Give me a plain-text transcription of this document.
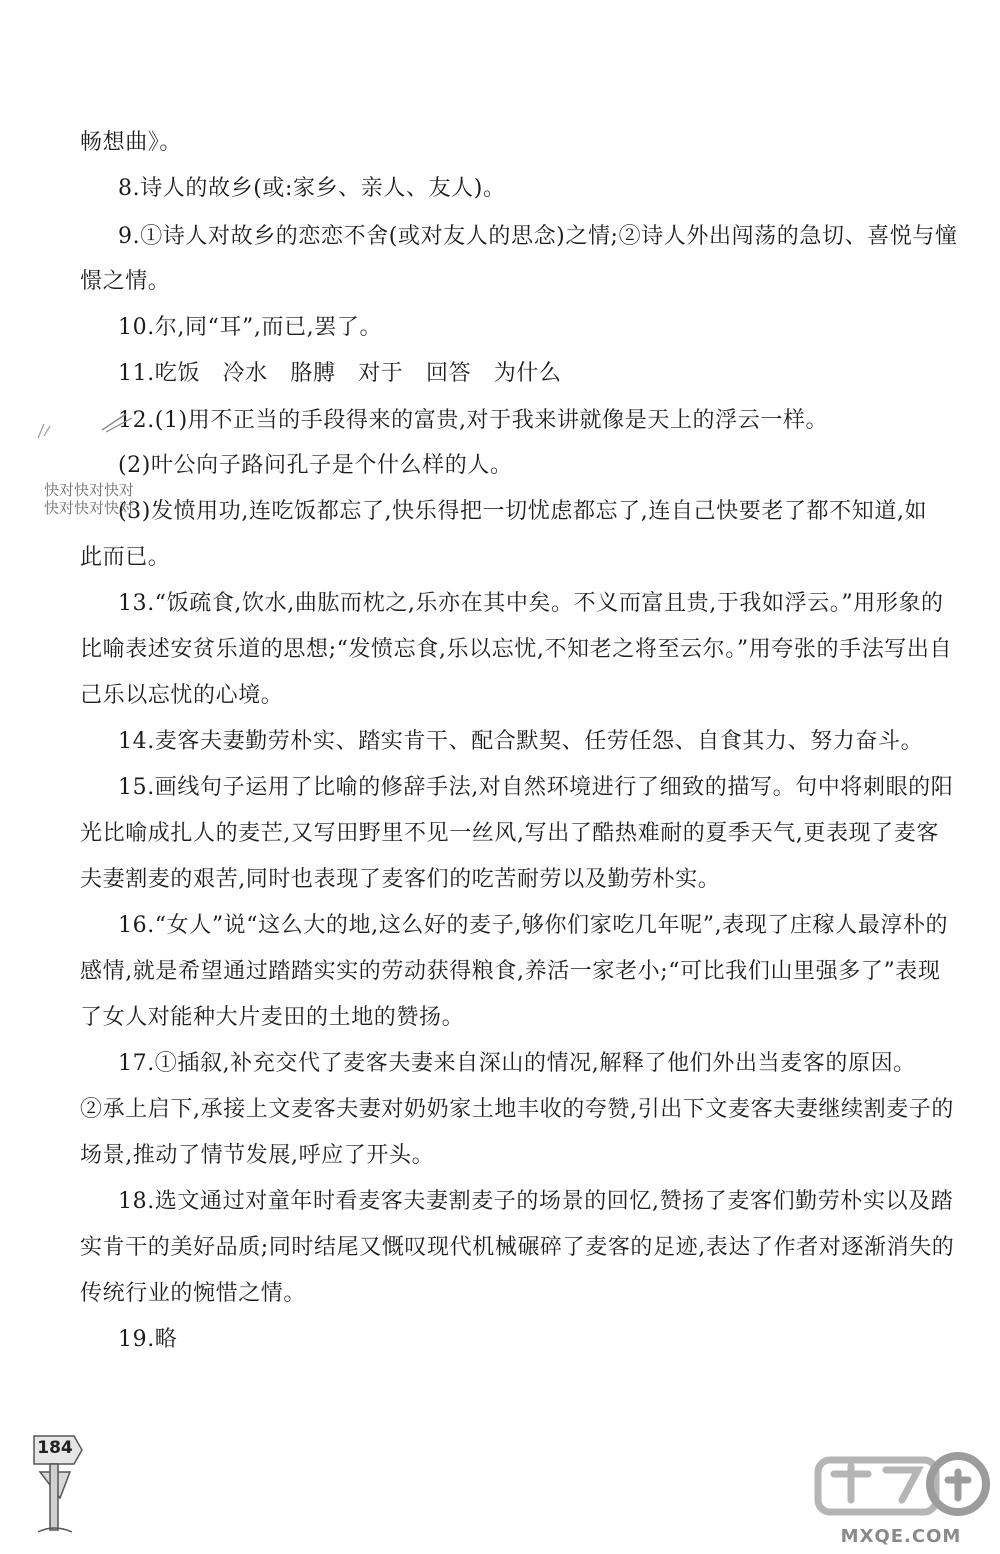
畅想曲》。
8.诗人的故乡(或:家乡、亲人、友人)。
9.①诗人对故乡的恋恋不舍(或对友人的思念)之情;②诗人外出闯荡的急切、喜悦与憧
憬之情。
10.尔,同“耳”,而已,罢了。
11.吃饭　冷水　胳膊　对于　回答　为什么
12.(1)用不正当的手段得来的富贵,对于我来讲就像是天上的浮云一样。
(2)叶公向子路问孔子是个什么样的人。
(3)发愤用功,连吃饭都忘了,快乐得把一切忧虑都忘了,连自己快要老了都不知道,如
此而已。
13.“饭疏食,饮水,曲肱而枕之,乐亦在其中矣。不义而富且贵,于我如浮云。”用形象的
比喻表述安贫乐道的思想;“发愤忘食,乐以忘忧,不知老之将至云尔。”用夸张的手法写出自
己乐以忘忧的心境。
14.麦客夫妻勤劳朴实、踏实肯干、配合默契、任劳任怨、自食其力、努力奋斗。
15.画线句子运用了比喻的修辞手法,对自然环境进行了细致的描写。句中将刺眼的阳
光比喻成扎人的麦芒,又写田野里不见一丝风,写出了酷热难耐的夏季天气,更表现了麦客
夫妻割麦的艰苦,同时也表现了麦客们的吃苦耐劳以及勤劳朴实。
16.“女人”说“这么大的地,这么好的麦子,够你们家吃几年呢”,表现了庄稼人最淳朴的
感情,就是希望通过踏踏实实的劳动获得粮食,养活一家老小;“可比我们山里强多了”表现
了女人对能种大片麦田的土地的赞扬。
17.①插叙,补充交代了麦客夫妻来自深山的情况,解释了他们外出当麦客的原因。
②承上启下,承接上文麦客夫妻对奶奶家土地丰收的夸赞,引出下文麦客夫妻继续割麦子的
场景,推动了情节发展,呼应了开头。
18.选文通过对童年时看麦客夫妻割麦子的场景的回忆,赞扬了麦客们勤劳朴实以及踏
实肯干的美好品质;同时结尾又慨叹现代机械碾碎了麦客的足迹,表达了作者对逐渐消失的
传统行业的惋惜之情。
19.略
快对快对快对
快对快对快对
184
MXQE.COM
